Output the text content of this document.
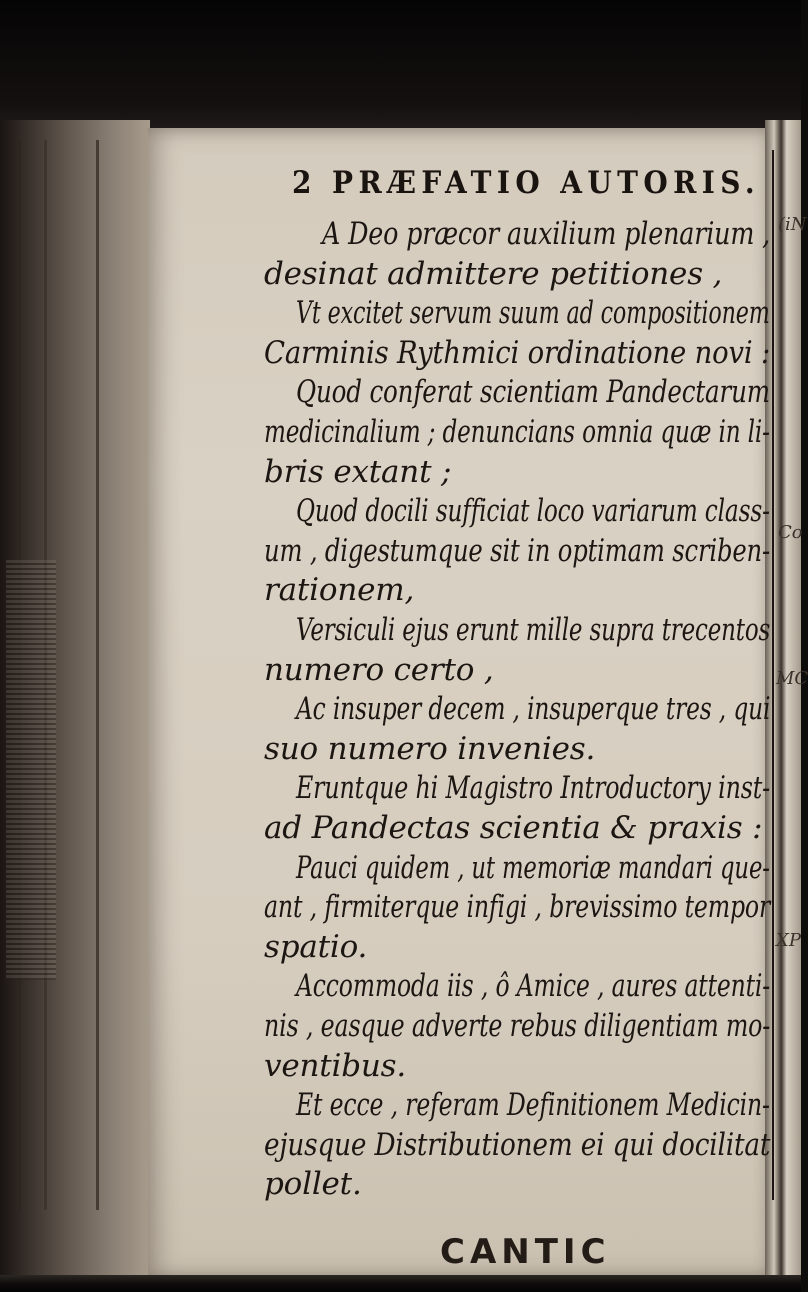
(iN
Co
MC
XP
2 PRÆFATIO AUTORIS.
A Deo præcor auxilium plenarium ,
desinat admittere petitiones ,
Vt excitet servum suum ad compositionem
Carminis Rythmici ordinatione novi :
Quod conferat scientiam Pandectarum
medicinalium ; denuncians omnia quæ in li-
bris extant ;
Quod docili sufficiat loco variarum class-
um , digestumque sit in optimam scriben-
rationem,
Versiculi ejus erunt mille supra trecentos
numero certo ,
Ac insuper decem , insuperque tres , qui
suo numero invenies.
Eruntque hi Magistro Introductory inst-
ad Pandectas scientia & praxis :
Pauci quidem , ut memoriæ mandari que-
ant , firmiterque infigi , brevissimo tempor
spatio.
Accommoda iis , ô Amice , aures attenti-
nis , easque adverte rebus diligentiam mo-
ventibus.
Et ecce , referam Definitionem Medicin-
ejusque Distributionem ei qui docilitat
pollet.
CANTIC
